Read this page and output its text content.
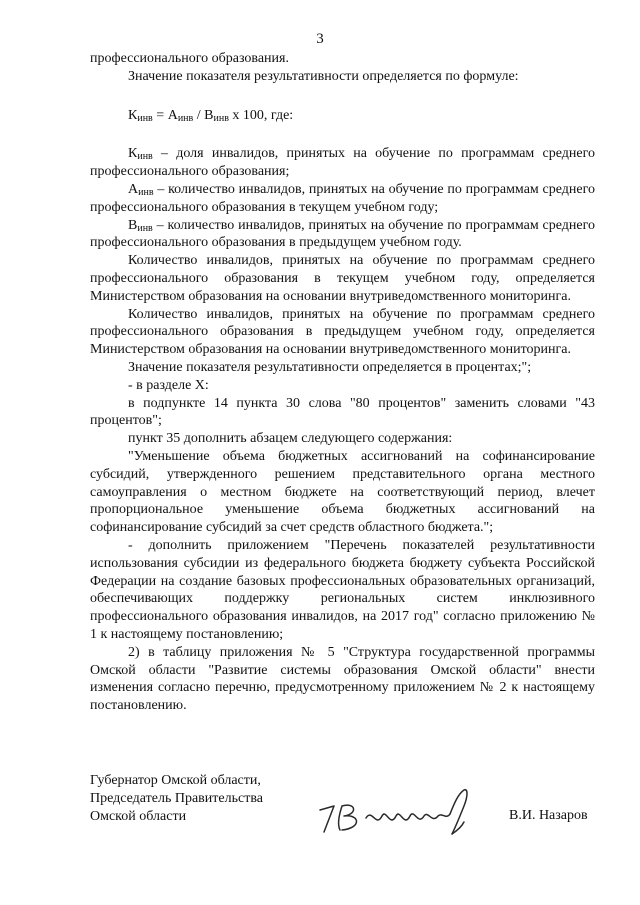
3

профессионального образования.

Значение показателя результативности определяется по формуле:

$К_{инв} = А_{инв} / В_{инв}$ x 100, где:

$К_{инв}$ – доля инвалидов, принятых на обучение по программам среднего профессионального образования;

$А_{инв}$ – количество инвалидов, принятых на обучение по программам среднего профессионального образования в текущем учебном году;

$В_{инв}$ – количество инвалидов, принятых на обучение по программам среднего профессионального образования в предыдущем учебном году.

Количество инвалидов, принятых на обучение по программам среднего профессионального образования в текущем учебном году, определяется Министерством образования на основании внутриведомственного мониторинга.

Количество инвалидов, принятых на обучение по программам среднего профессионального образования в предыдущем учебном году, определяется Министерством образования на основании внутриведомственного мониторинга.

Значение показателя результативности определяется в процентах;";

- в разделе X:

в подпункте 14 пункта 30 слова "80 процентов" заменить словами "43 процентов";

пункт 35 дополнить абзацем следующего содержания:

"Уменьшение объема бюджетных ассигнований на софинансирование субсидий, утвержденного решением представительного органа местного самоуправления о местном бюджете на соответствующий период, влечет пропорциональное уменьшение объема бюджетных ассигнований на софинансирование субсидий за счет средств областного бюджета.";

- дополнить приложением "Перечень показателей результативности использования субсидии из федерального бюджета бюджету субъекта Российской Федерации на создание базовых профессиональных образовательных организаций, обеспечивающих поддержку региональных систем инклюзивного профессионального образования инвалидов, на 2017 год" согласно приложению № 1 к настоящему постановлению;

2) в таблицу приложения № 5 "Структура государственной программы Омской области "Развитие системы образования Омской области" внести изменения согласно перечню, предусмотренному приложением № 2 к настоящему постановлению.

Губернатор Омской области,
Председатель Правительства
Омской области	В.И. Назаров
